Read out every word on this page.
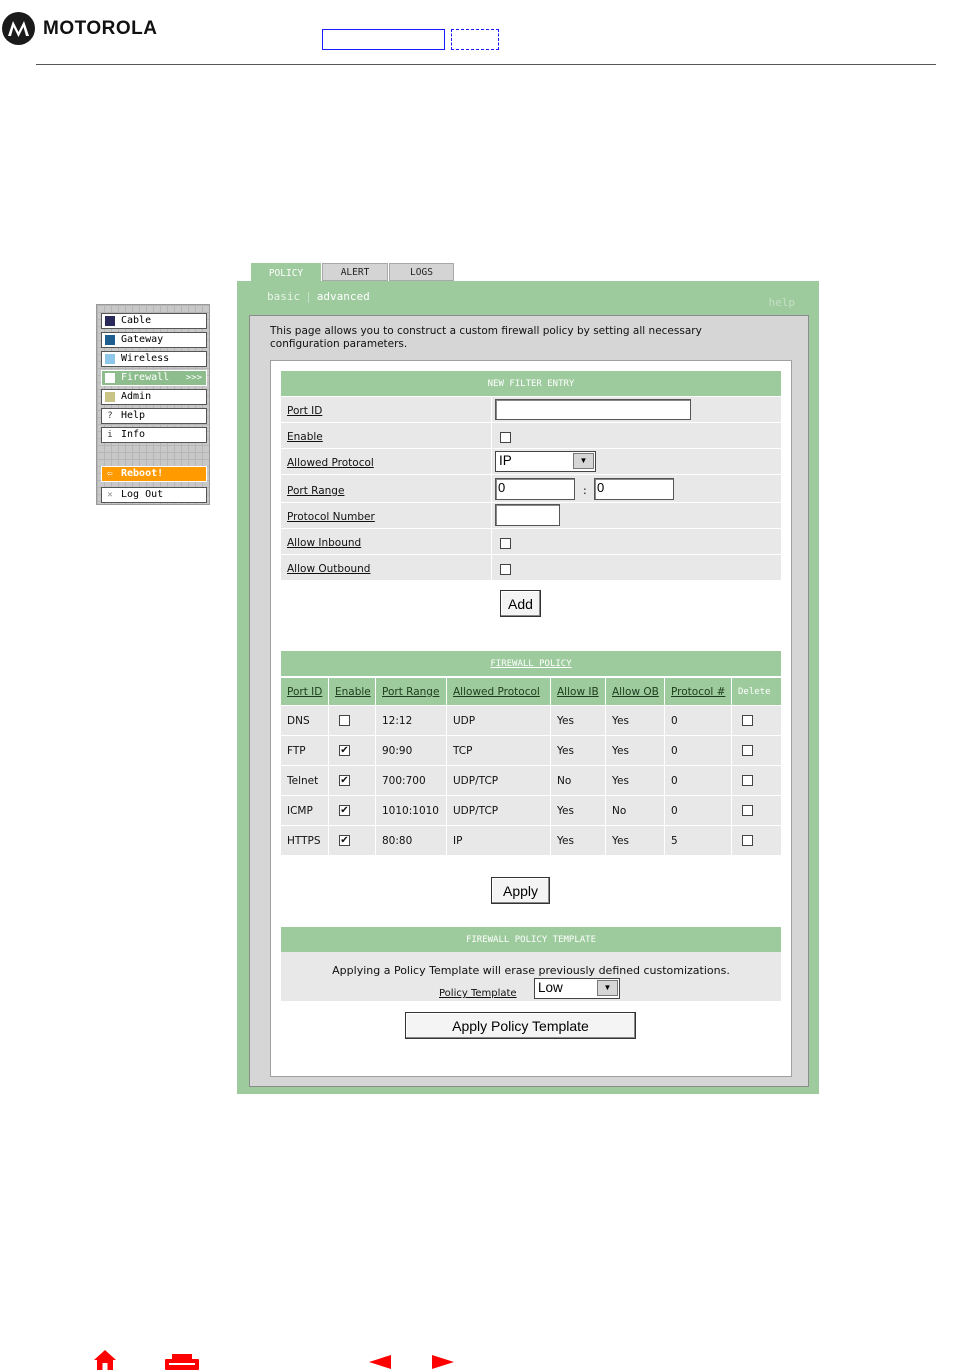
MOTOROLA
Cable
Gateway
Wireless
Firewall >>>
Admin
? Help
i Info
⇦ Reboot!
✕ Log Out
POLICY	ALERT	LOGS
basic | advanced	help
This page allows you to construct a custom firewall policy by setting all necessary configuration parameters.
NEW FILTER ENTRY
Port ID
Enable
Allowed Protocol	IP	▼
Port Range	0	: 0
Protocol Number
Allow Inbound
Allow Outbound
Add
FIREWALL POLICY
Port ID	Enable	Port Range	Allowed Protocol	Allow IB	Allow OB	Protocol #	Delete
DNS		12:12	UDP	Yes	Yes	0	
FTP	✔	90:90	TCP	Yes	Yes	0	
Telnet	✔	700:700	UDP/TCP	No	Yes	0	
ICMP	✔	1010:1010	UDP/TCP	Yes	No	0	
HTTPS	✔	80:80	IP	Yes	Yes	5	
Apply
FIREWALL POLICY TEMPLATE
Applying a Policy Template will erase previously defined customizations.
Policy Template Low	▼
Apply Policy Template
